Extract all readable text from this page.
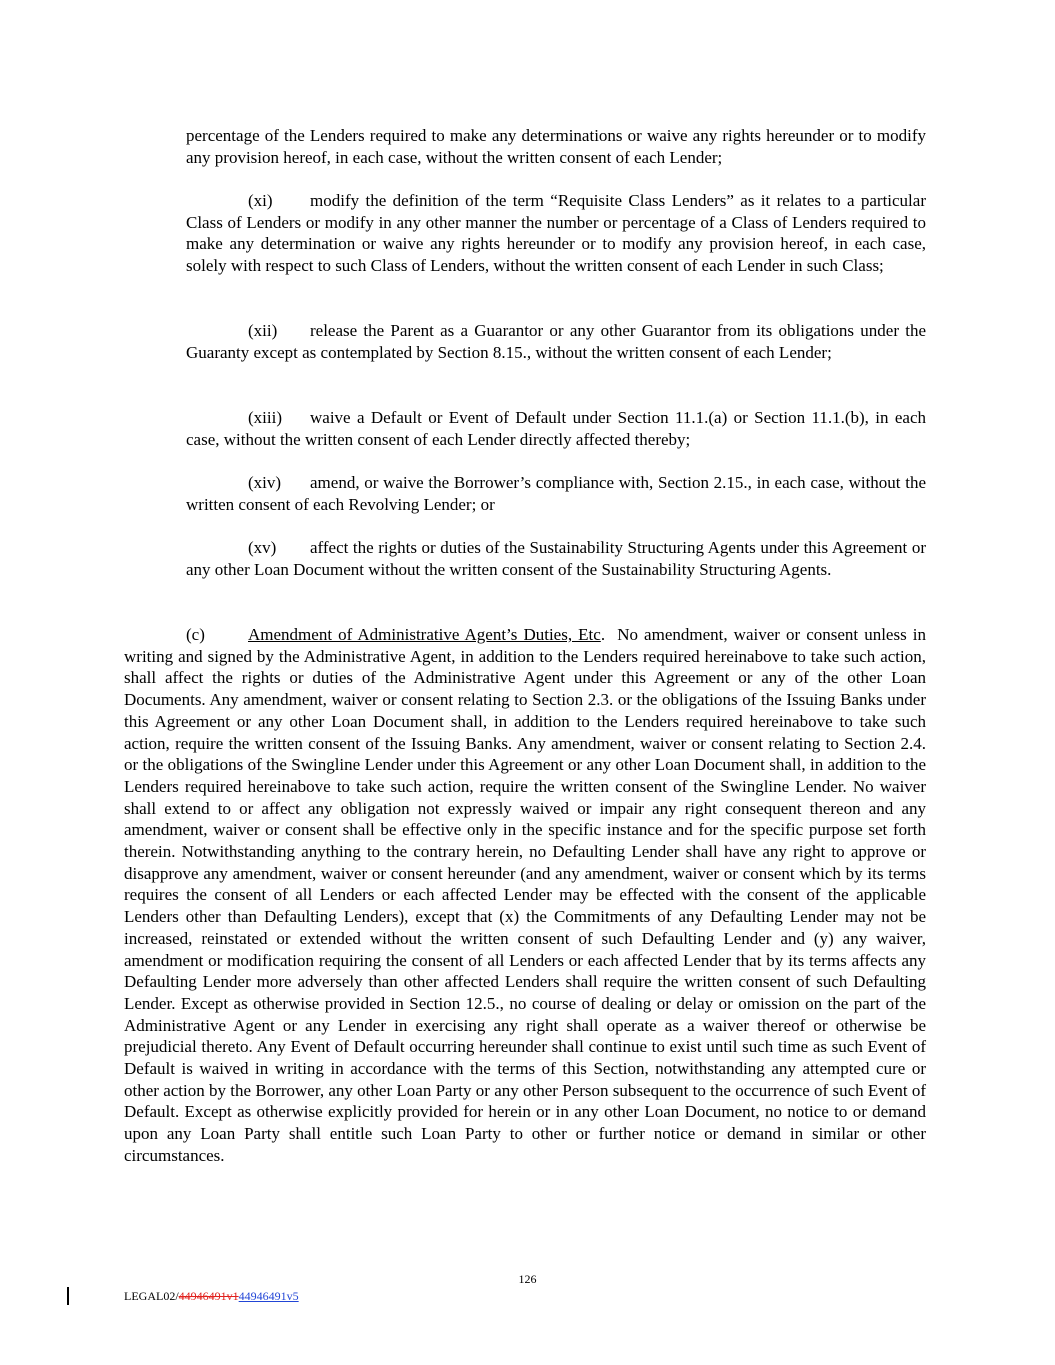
percentage of the Lenders required to make any determinations or waive any rights hereunder or to modify any provision hereof, in each case, without the written consent of each Lender;

(xi) modify the definition of the term “Requisite Class Lenders” as it relates to a particular Class of Lenders or modify in any other manner the number or percentage of a Class of Lenders required to make any determination or waive any rights hereunder or to modify any provision hereof, in each case, solely with respect to such Class of Lenders, without the written consent of each Lender in such Class;

(xii) release the Parent as a Guarantor or any other Guarantor from its obligations under the Guaranty except as contemplated by Section 8.15., without the written consent of each Lender;

(xiii) waive a Default or Event of Default under Section 11.1.(a) or Section 11.1.(b), in each case, without the written consent of each Lender directly affected thereby;

(xiv) amend, or waive the Borrower’s compliance with, Section 2.15., in each case, without the written consent of each Revolving Lender; or

(xv) affect the rights or duties of the Sustainability Structuring Agents under this Agreement or any other Loan Document without the written consent of the Sustainability Structuring Agents.

(c)	Amendment of Administrative Agent’s Duties, Etc. No amendment, waiver or consent unless in writing and signed by the Administrative Agent, in addition to the Lenders required hereinabove to take such action, shall affect the rights or duties of the Administrative Agent under this Agreement or any of the other Loan Documents. Any amendment, waiver or consent relating to Section 2.3. or the obligations of the Issuing Banks under this Agreement or any other Loan Document shall, in addition to the Lenders required hereinabove to take such action, require the written consent of the Issuing Banks. Any amendment, waiver or consent relating to Section 2.4. or the obligations of the Swingline Lender under this Agreement or any other Loan Document shall, in addition to the Lenders required hereinabove to take such action, require the written consent of the Swingline Lender. No waiver shall extend to or affect any obligation not expressly waived or impair any right consequent thereon and any amendment, waiver or consent shall be effective only in the specific instance and for the specific purpose set forth therein. Notwithstanding anything to the contrary herein, no Defaulting Lender shall have any right to approve or disapprove any amendment, waiver or consent hereunder (and any amendment, waiver or consent which by its terms requires the consent of all Lenders or each affected Lender may be effected with the consent of the applicable Lenders other than Defaulting Lenders), except that (x) the Commitments of any Defaulting Lender may not be increased, reinstated or extended without the written consent of such Defaulting Lender and (y) any waiver, amendment or modification requiring the consent of all Lenders or each affected Lender that by its terms affects any Defaulting Lender more adversely than other affected Lenders shall require the written consent of such Defaulting Lender. Except as otherwise provided in Section 12.5., no course of dealing or delay or omission on the part of the Administrative Agent or any Lender in exercising any right shall operate as a waiver thereof or otherwise be prejudicial thereto. Any Event of Default occurring hereunder shall continue to exist until such time as such Event of Default is waived in writing in accordance with the terms of this Section, notwithstanding any attempted cure or other action by the Borrower, any other Loan Party or any other Person subsequent to the occurrence of such Event of Default. Except as otherwise explicitly provided for herein or in any other Loan Document, no notice to or demand upon any Loan Party shall entitle such Loan Party to other or further notice or demand in similar or other circumstances.

126
LEGAL02/44946491v144946491v5
